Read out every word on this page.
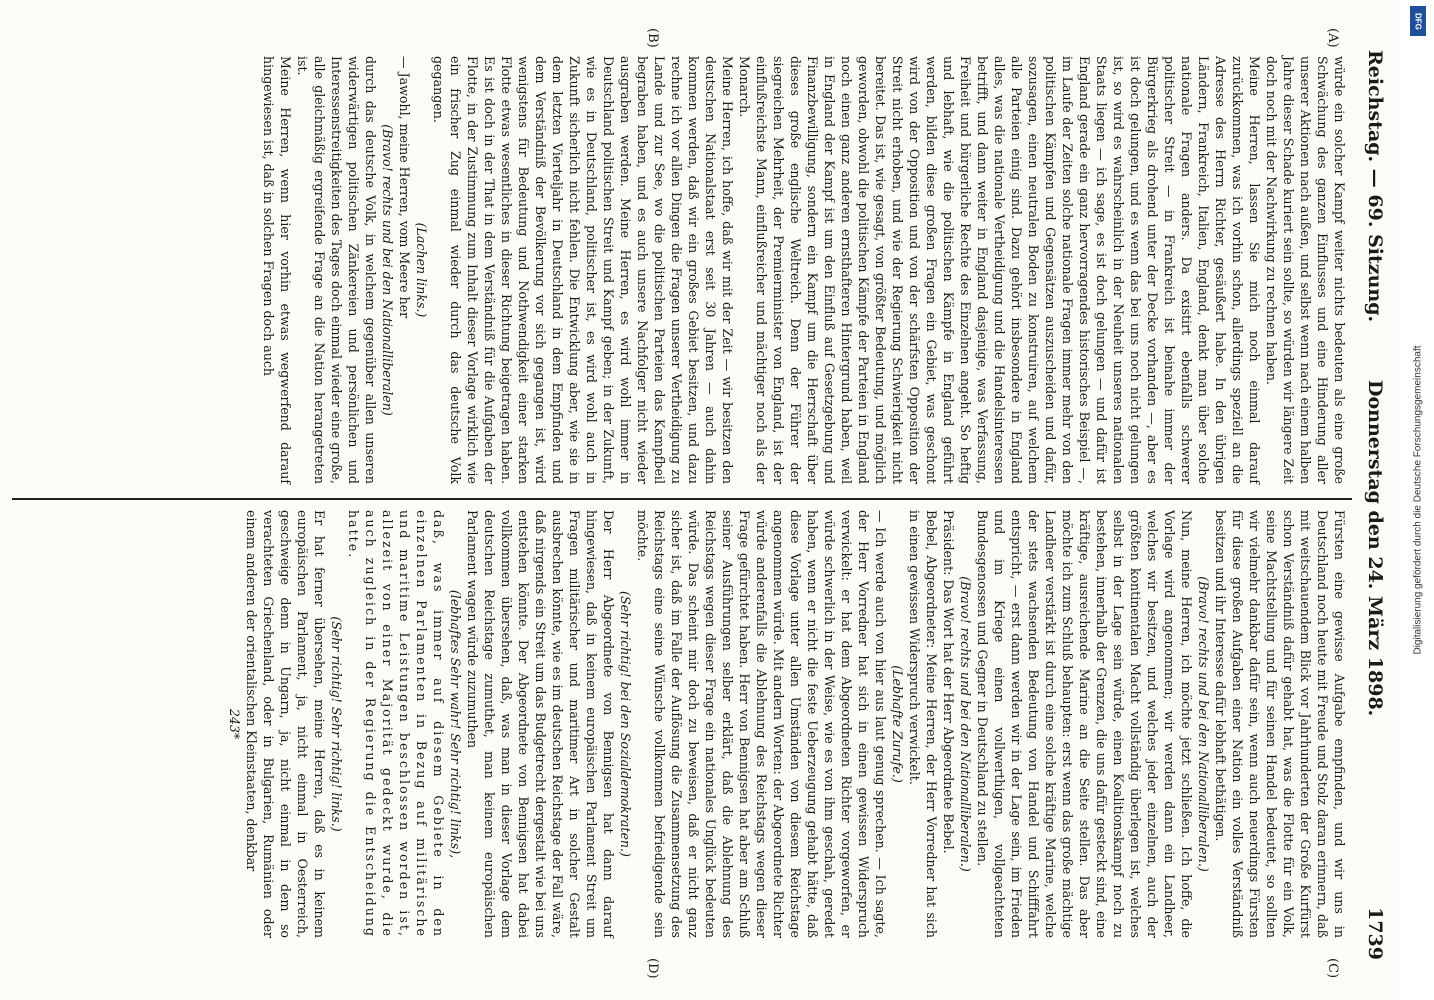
Reichstag. — 69. Sitzung.
Donnerstag den 24. März 1898.
1739
(A)
(B)
(C)
(D)

würde ein solcher Kampf weiter nichts bedeuten als eine große Schwächung des ganzen Einflusses und eine Hinderung aller unserer Aktionen nach außen, und selbst wenn nach einem halben Jahre dieser Schade kuriert sein sollte, so würden wir längere Zeit doch noch mit der Nachwirkung zu rechnen haben.

Meine Herren, lassen Sie mich noch einmal darauf zurückkommen, was ich vorhin schon, allerdings speziell an die Adresse des Herrn Richter, gesäußert habe. In den übrigen Ländern, Frankreich, Italien, England, denkt man über solche nationale Fragen anders. Da existirt ebenfalls schwerer politischer Streit — in Frankreich ist beinahe immer der Bürgerkrieg als drohend unter der Decke vorhanden —, aber es ist doch gelungen, und es wenn das bei uns noch nicht gelungen ist, so wird es wahrscheinlich in der Neuheit unseres nationalen Staats liegen — ich sage, es ist doch gelungen — und dafür ist England gerade ein ganz hervorragendes historisches Beispiel —, im Laufe der Zeiten solche nationale Fragen immer mehr von den politischen Kämpfen und Gegensätzen auszuscheiden und dafür, sozusagen, einen neutralen Boden zu konstruiren, auf welchem alle Parteien einig sind. Dazu gehört insbesondere in England alles, was die nationale Vertheidigung und die Handelsinteressen betrifft, und dann weiter in England dasjenige, was Verfassung, Freiheit und bürgerliche Rechte des Einzelnen angeht. So heftig und lebhaft, wie die politischen Kämpfe in England geführt werden, bilden diese großen Fragen ein Gebiet, was geschont wird von der Opposition und von der schärfsten Opposition der Streit nicht erhoben, und wie der Regierung Schwierigkeit nicht bereitet. Das ist, wie gesagt, von größter Bedeutung, und möglich geworden, obwohl die politischen Kämpfe der Parteien in England noch einen ganz anderen ernsthafteren Hintergrund haben, weil in England der Kampf ist um den Einfluß auf Gesetzgebung und Finanzbewilligung, sondern ein Kampf um die Herrschaft über dieses große englische Weltreich. Denn der Führer der siegreichen Mehrheit, der Premierminister von England, ist der einflußreichste Mann, einflußreicher und mächtiger noch als der Monarch.

Meine Herren, ich hoffe, daß wir mit der Zeit — wir besitzen den deutschen Nationalstaat erst seit 30 Jahren — auch dahin kommen werden, daß wir ein großes Gebiet besitzen, und dazu rechne ich vor allen Dingen die Fragen unserer Vertheidigung zu Lande und zur See, wo die politischen Parteien das Kampfbeil begraben haben, und es auch unsere Nachfolger nicht wieder ausgraben werden. Meine Herren, es wird wohl immer in Deutschland politischen Streit und Kampf geben; in der Zukunft, wie es in Deutschland, politischer ist, es wird wohl auch in Zukunft sicherlich nicht fehlen. Die Entwicklung aber, wie sie in dem letzten Vierteljahr in Deutschland in dem Empfinden und dem Verständniß der Bevölkerung vor sich gegangen ist, wird wenigstens für Bedeutung und Nothwendigkeit einer starken Flotte etwas wesentliches in dieser Richtung beigetragen haben. Es ist doch in der That in dem Verständniß für die Aufgaben der Flotte, in der Zustimmung zum Inhalt dieser Vorlage wirklich wie ein frischer Zug einmal wieder durch das deutsche Volk gegangen.

(Lachen links.)

— Jawohl, meine Herren, vom Meere her

(Bravo! rechts und bei den Nationalliberalen)

durch das deutsche Volk, in welchem gegenüber allen unseren widerwärtigen politischen Zänkereien und persönlichen und Interessenstreitigkeiten des Tages doch einmal wieder eine große, alle gleichmäßig ergreifende Frage an die Nation herangetreten ist.

Meine Herren, wenn hier vorhin etwas wegwerfend darauf hingewiesen ist, daß in solchen Fragen doch auch

Fürsten eine gewisse Aufgabe empfinden, und wir uns in Deutschland noch heute mit Freude und Stolz daran erinnern, daß mit weitschauendem Blick vor Jahrhunderten der Große Kurfürst schon Verständniß dafür gehabt hat, was die Flotte für ein Volk, seine Machtstellung und für seinen Handel bedeutet, so sollten wir vielmehr dankbar dafür sein, wenn auch neuerdings Fürsten für diese großen Aufgaben einer Nation ein volles Verständniß besitzen und ihr Interesse dafür lebhaft bethätigen.

(Bravo! rechts und bei den Nationalliberalen.)

Nun, meine Herren, ich möchte jetzt schließen. Ich hoffe, die Vorlage wird angenommen; wir werden dann ein Landheer, welches wir besitzen, und welches jeder einzelnen, auch der größten kontinentalen Macht vollständig überlegen ist, welches selbst in der Lage sein würde, einen Koalitionskampf noch zu bestehen, innerhalb der Grenzen, die uns dafür gesteckt sind, eine kräftige, ausreichende Marine an die Seite stellen. Das aber möchte ich zum Schluß behaupten: erst wenn das große mächtige Landheer verstärkt ist durch eine solche kräftige Marine, welche der stets wachsenden Bedeutung von Handel und Schifffahrt entspricht, — erst dann werden wir in der Lage sein, im Frieden und im Kriege einen vollwerthigen, vollgeachteten Bundesgenossen und Gegner in Deutschland zu stellen.

(Bravo! rechts und bei den Nationalliberalen.)

Präsident: Das Wort hat der Herr Abgeordnete Bebel.

Bebel, Abgeordneter: Meine Herren, der Herr Vorredner hat sich in einen gewissen Widerspruch verwickelt.

(Lebhafte Zurufe.)

— Ich werde auch von hier aus laut genug sprechen. — Ich sagte, der Herr Vorredner hat sich in einen gewissen Widerspruch verwickelt: er hat dem Abgeordneten Richter vorgeworfen, er würde schwerlich in der Weise, wie es von ihm geschah, geredet haben, wenn er nicht die feste Ueberzeugung gehabt hätte, daß diese Vorlage unter allen Umständen von diesem Reichstage angenommen würde. Mit andern Worten: der Abgeordnete Richter würde anderenfalls die Ablehnung des Reichstags wegen dieser Frage gefürchtet haben. Herr von Bennigsen hat aber am Schluß seiner Ausführungen selber erklärt, daß die Ablehnung des Reichstags wegen dieser Frage ein nationales Unglück bedeuten würde. Das scheint mir doch zu beweisen, daß er nicht ganz sicher ist, daß im Falle der Auflösung die Zusammensetzung des Reichstags eine seine Wünsche vollkommen befriedigende sein möchte.

(Sehr richtig! bei den Sozialdemokraten.)

Der Herr Abgeordnete von Bennigsen hat dann darauf hingewiesen, daß in keinem europäischen Parlament Streit um Fragen militärischer und maritimer Art in solcher Gestalt ausbrechen könnte, wie es im deutschen Reichstage der Fall wäre, daß nirgends ein Streit um das Budgetrecht dergestalt wie bei uns entstehen könnte. Der Abgeordnete von Bennigsen hat dabei vollkommen übersehen, daß, was man in dieser Vorlage dem deutschen Reichstage zumuthet, man keinem europäischen Parlament wagen würde zuzumuthen

(lebhaftes Sehr wahr! Sehr richtig! links),

daß, was immer auf diesem Gebiete in den einzelnen Parlamenten in Bezug auf militärische und maritime Leistungen beschlossen worden ist, allezeit von einer Majorität gedeckt wurde, die auch zugleich in der Regierung die Entscheidung hatte.

(Sehr richtig! Sehr richtig! links.)

Er hat ferner übersehen, meine Herren, daß es in keinem europäischen Parlament, ja, nicht einmal in Oesterreich, geschweige denn in Ungarn, ja, nicht einmal in dem so verachteten Griechenland, oder in Bulgarien, Rumänien oder einem anderen der orientalischen Kleinstaaten, denkbar

243*

DFG
Digitalisierung gefördert durch die Deutsche Forschungsgemeinschaft
